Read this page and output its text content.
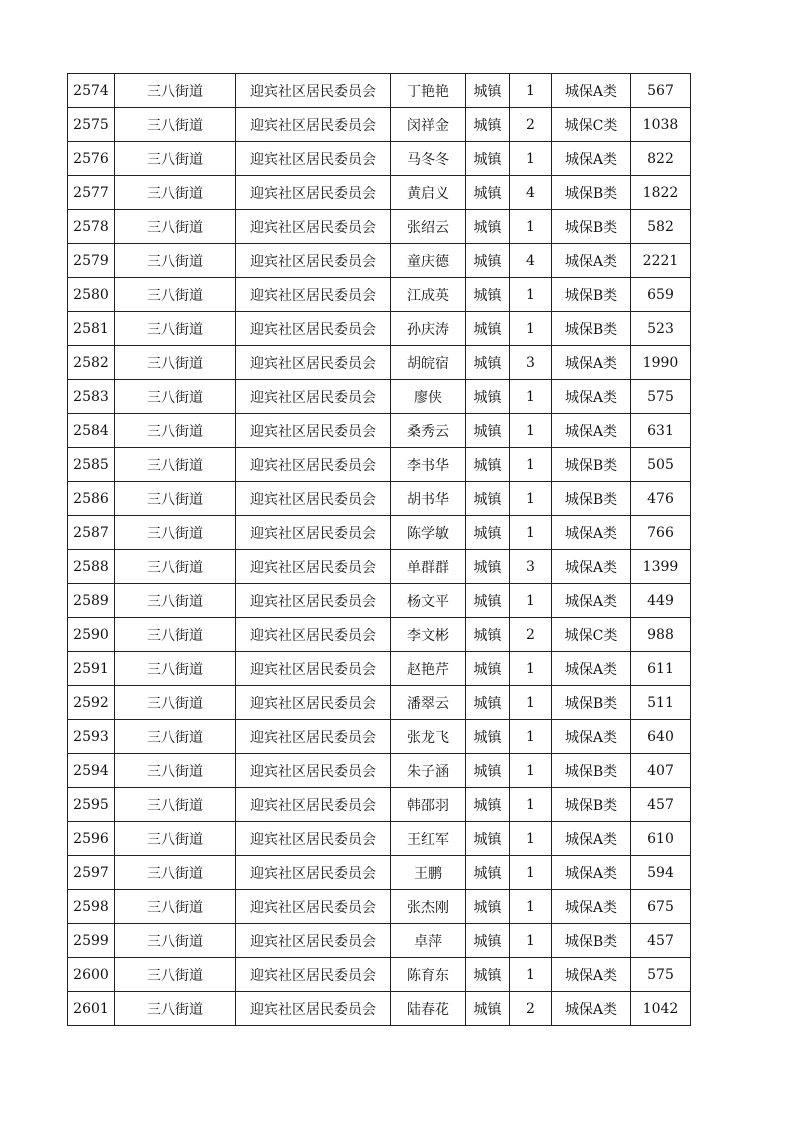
2574	三八街道	迎宾社区居民委员会	丁艳艳	城镇	1	城保A类	567
2575	三八街道	迎宾社区居民委员会	闵祥金	城镇	2	城保C类	1038
2576	三八街道	迎宾社区居民委员会	马冬冬	城镇	1	城保A类	822
2577	三八街道	迎宾社区居民委员会	黄启义	城镇	4	城保B类	1822
2578	三八街道	迎宾社区居民委员会	张绍云	城镇	1	城保B类	582
2579	三八街道	迎宾社区居民委员会	童庆德	城镇	4	城保A类	2221
2580	三八街道	迎宾社区居民委员会	江成英	城镇	1	城保B类	659
2581	三八街道	迎宾社区居民委员会	孙庆涛	城镇	1	城保B类	523
2582	三八街道	迎宾社区居民委员会	胡皖宿	城镇	3	城保A类	1990
2583	三八街道	迎宾社区居民委员会	廖侠	城镇	1	城保A类	575
2584	三八街道	迎宾社区居民委员会	桑秀云	城镇	1	城保A类	631
2585	三八街道	迎宾社区居民委员会	李书华	城镇	1	城保B类	505
2586	三八街道	迎宾社区居民委员会	胡书华	城镇	1	城保B类	476
2587	三八街道	迎宾社区居民委员会	陈学敏	城镇	1	城保A类	766
2588	三八街道	迎宾社区居民委员会	单群群	城镇	3	城保A类	1399
2589	三八街道	迎宾社区居民委员会	杨文平	城镇	1	城保A类	449
2590	三八街道	迎宾社区居民委员会	李文彬	城镇	2	城保C类	988
2591	三八街道	迎宾社区居民委员会	赵艳芹	城镇	1	城保A类	611
2592	三八街道	迎宾社区居民委员会	潘翠云	城镇	1	城保B类	511
2593	三八街道	迎宾社区居民委员会	张龙飞	城镇	1	城保A类	640
2594	三八街道	迎宾社区居民委员会	朱子涵	城镇	1	城保B类	407
2595	三八街道	迎宾社区居民委员会	韩邵羽	城镇	1	城保B类	457
2596	三八街道	迎宾社区居民委员会	王红军	城镇	1	城保A类	610
2597	三八街道	迎宾社区居民委员会	王鹏	城镇	1	城保A类	594
2598	三八街道	迎宾社区居民委员会	张杰刚	城镇	1	城保A类	675
2599	三八街道	迎宾社区居民委员会	卓萍	城镇	1	城保B类	457
2600	三八街道	迎宾社区居民委员会	陈育东	城镇	1	城保A类	575
2601	三八街道	迎宾社区居民委员会	陆春花	城镇	2	城保A类	1042
